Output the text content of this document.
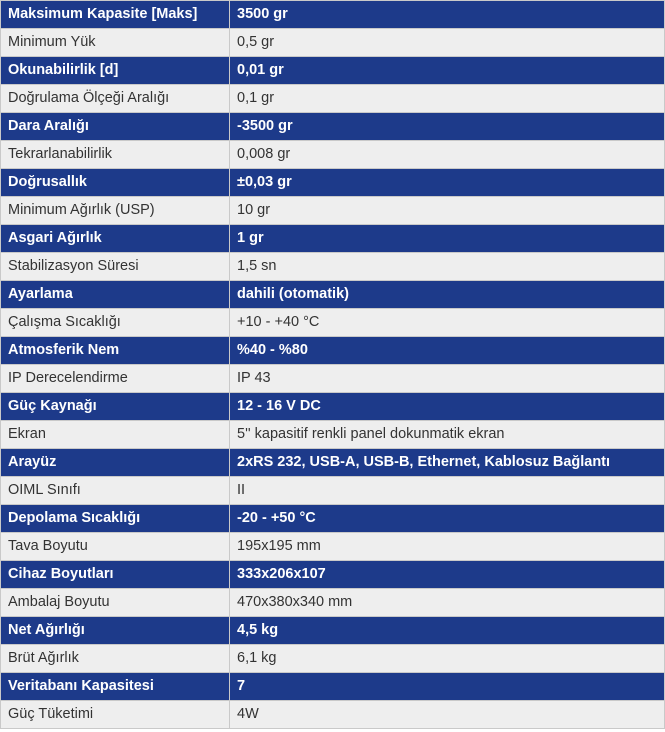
Maksimum Kapasite [Maks]	3500 gr
Minimum Yük	0,5 gr
Okunabilirlik [d]	0,01 gr
Doğrulama Ölçeği Aralığı	0,1 gr
Dara Aralığı	-3500 gr
Tekrarlanabilirlik	0,008 gr
Doğrusallık	±0,03 gr
Minimum Ağırlık (USP)	10 gr
Asgari Ağırlık	1 gr
Stabilizasyon Süresi	1,5 sn
Ayarlama	dahili (otomatik)
Çalışma Sıcaklığı	+10 - +40 °C
Atmosferik Nem	%40 - %80
IP Derecelendirme	IP 43
Güç Kaynağı	12 - 16 V DC
Ekran	5'' kapasitif renkli panel dokunmatik ekran
Arayüz	2xRS 232, USB-A, USB-B, Ethernet, Kablosuz Bağlantı
OIML Sınıfı	II
Depolama Sıcaklığı	-20 - +50 °C
Tava Boyutu	195x195 mm
Cihaz Boyutları	333x206x107
Ambalaj Boyutu	470x380x340 mm
Net Ağırlığı	4,5 kg
Brüt Ağırlık	6,1 kg
Veritabanı Kapasitesi	7
Güç Tüketimi	4W
